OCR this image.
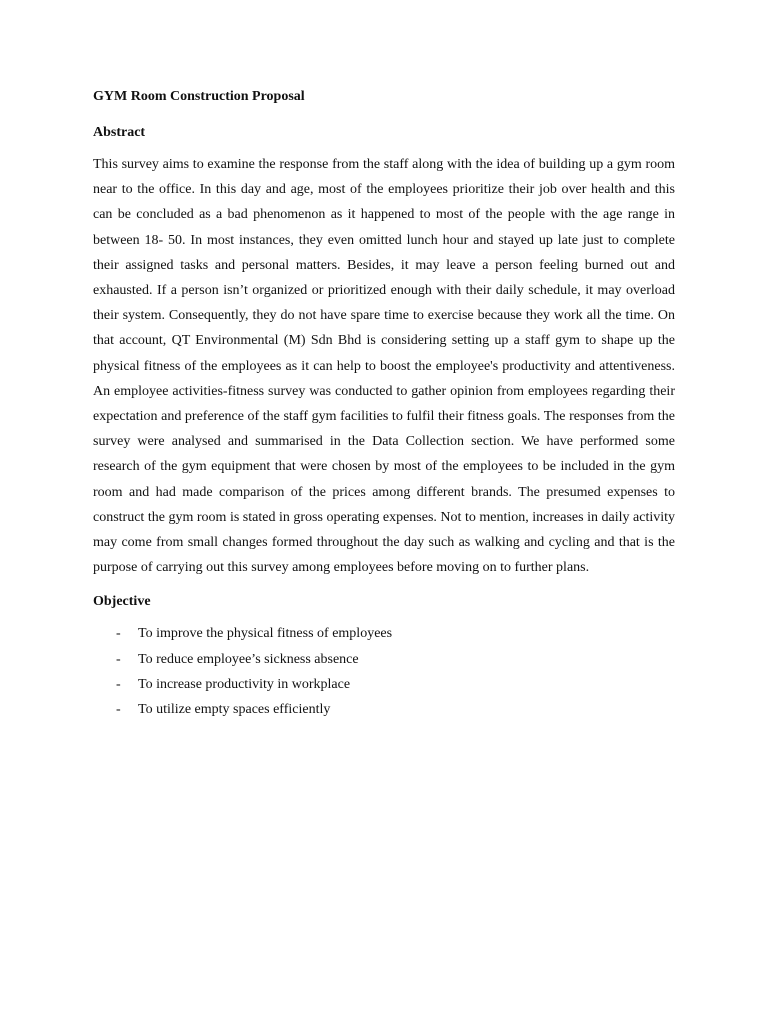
GYM Room Construction Proposal
Abstract

This survey aims to examine the response from the staff along with the idea of building up a gym room near to the office. In this day and age, most of the employees prioritize their job over health and this can be concluded as a bad phenomenon as it happened to most of the people with the age range in between 18- 50. In most instances, they even omitted lunch hour and stayed up late just to complete their assigned tasks and personal matters. Besides, it may leave a person feeling burned out and exhausted. If a person isn’t organized or prioritized enough with their daily schedule, it may overload their system. Consequently, they do not have spare time to exercise because they work all the time. On that account, QT Environmental (M) Sdn Bhd is considering setting up a staff gym to shape up the physical fitness of the employees as it can help to boost the employee's productivity and attentiveness. An employee activities-fitness survey was conducted to gather opinion from employees regarding their expectation and preference of the staff gym facilities to fulfil their fitness goals. The responses from the survey were analysed and summarised in the Data Collection section. We have performed some research of the gym equipment that were chosen by most of the employees to be included in the gym room and had made comparison of the prices among different brands. The presumed expenses to construct the gym room is stated in gross operating expenses. Not to mention, increases in daily activity may come from small changes formed throughout the day such as walking and cycling and that is the purpose of carrying out this survey among employees before moving on to further plans.

Objective
-	To improve the physical fitness of employees
-	To reduce employee’s sickness absence
-	To increase productivity in workplace
-	To utilize empty spaces efficiently
